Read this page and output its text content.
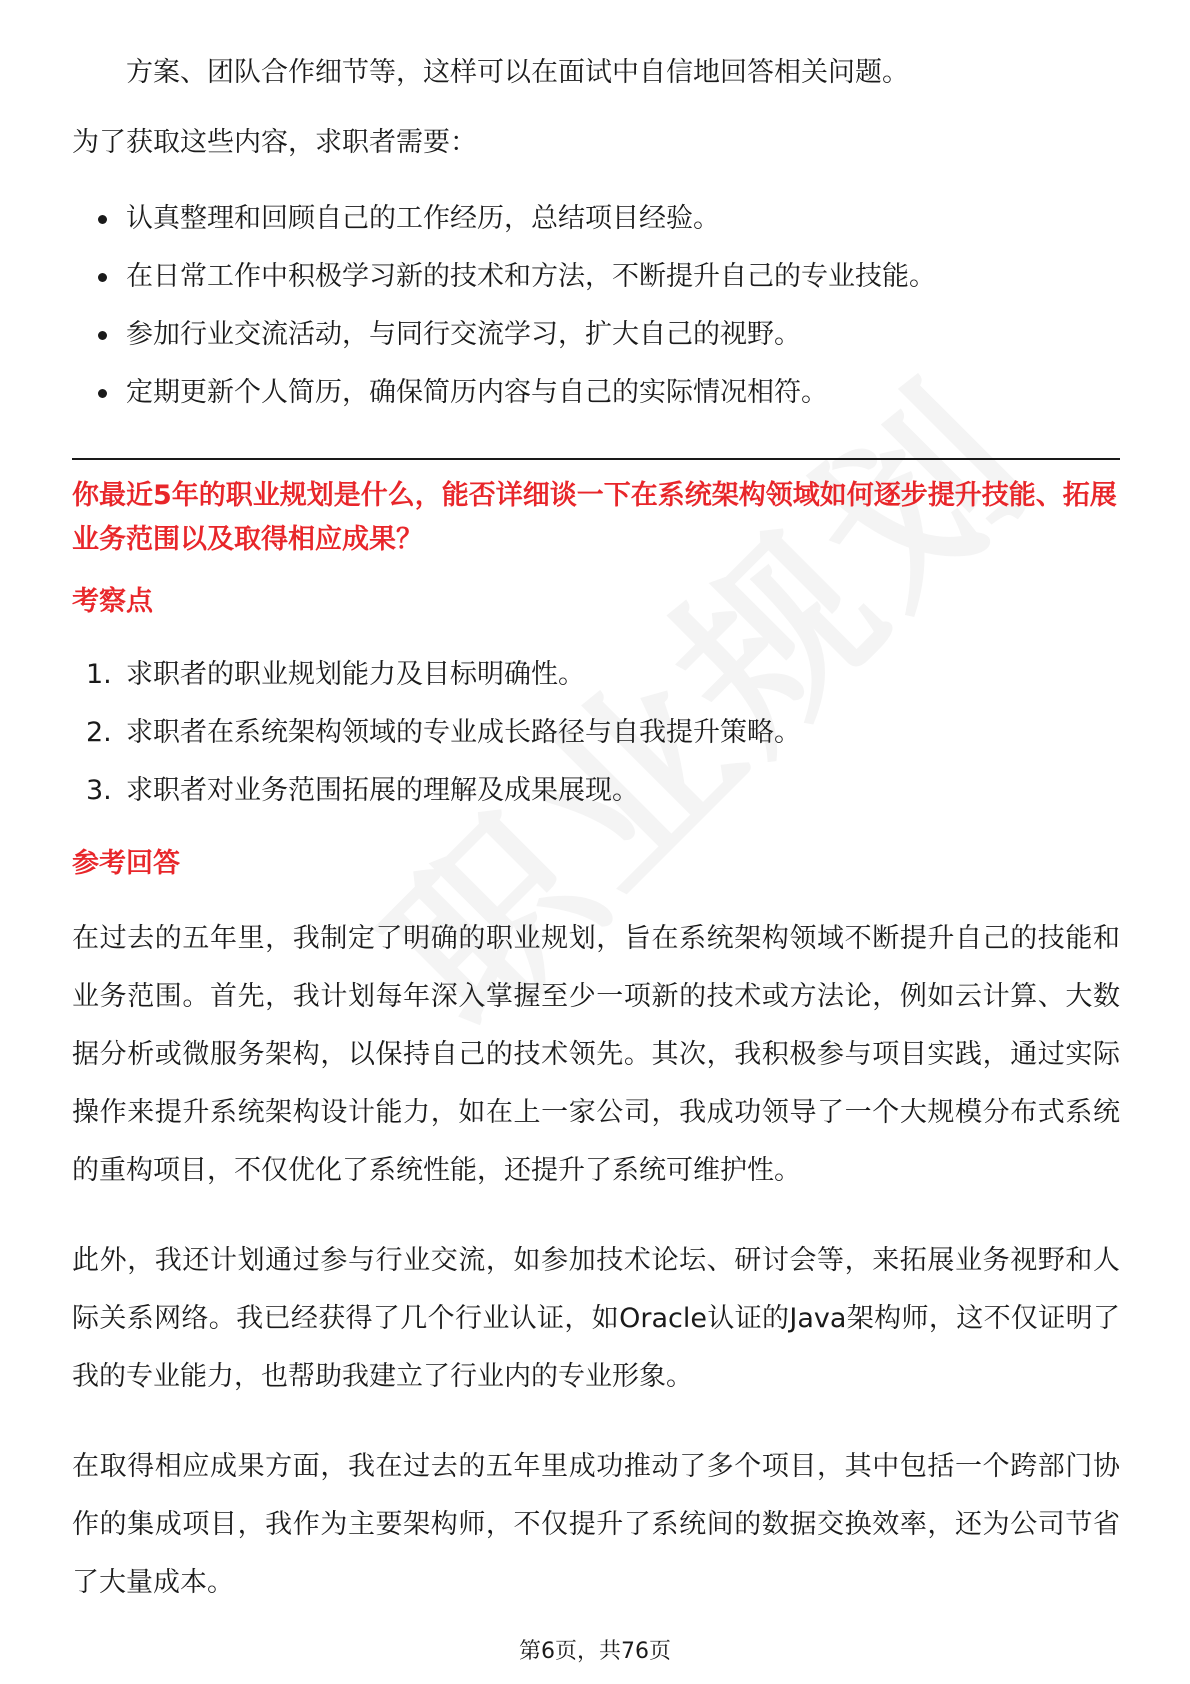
方案、团队合作细节等，这样可以在面试中自信地回答相关问题。

为了获取这些内容，求职者需要：

认真整理和回顾自己的工作经历，总结项目经验。
在日常工作中积极学习新的技术和方法，不断提升自己的专业技能。
参加行业交流活动，与同行交流学习，扩大自己的视野。
定期更新个人简历，确保简历内容与自己的实际情况相符。

你最近5年的职业规划是什么，能否详细谈一下在系统架构领域如何逐步提升技能、拓展业务范围以及取得相应成果？

考察点

1. 求职者的职业规划能力及目标明确性。
2. 求职者在系统架构领域的专业成长路径与自我提升策略。
3. 求职者对业务范围拓展的理解及成果展现。

参考回答

在过去的五年里，我制定了明确的职业规划，旨在系统架构领域不断提升自己的技能和业务范围。首先，我计划每年深入掌握至少一项新的技术或方法论，例如云计算、大数据分析或微服务架构，以保持自己的技术领先。其次，我积极参与项目实践，通过实际操作来提升系统架构设计能力，如在上一家公司，我成功领导了一个大规模分布式系统的重构项目，不仅优化了系统性能，还提升了系统可维护性。

此外，我还计划通过参与行业交流，如参加技术论坛、研讨会等，来拓展业务视野和人际关系网络。我已经获得了几个行业认证，如Oracle认证的Java架构师，这不仅证明了我的专业能力，也帮助我建立了行业内的专业形象。

在取得相应成果方面，我在过去的五年里成功推动了多个项目，其中包括一个跨部门协作的集成项目，我作为主要架构师，不仅提升了系统间的数据交换效率，还为公司节省了大量成本。

第6页，共76页
